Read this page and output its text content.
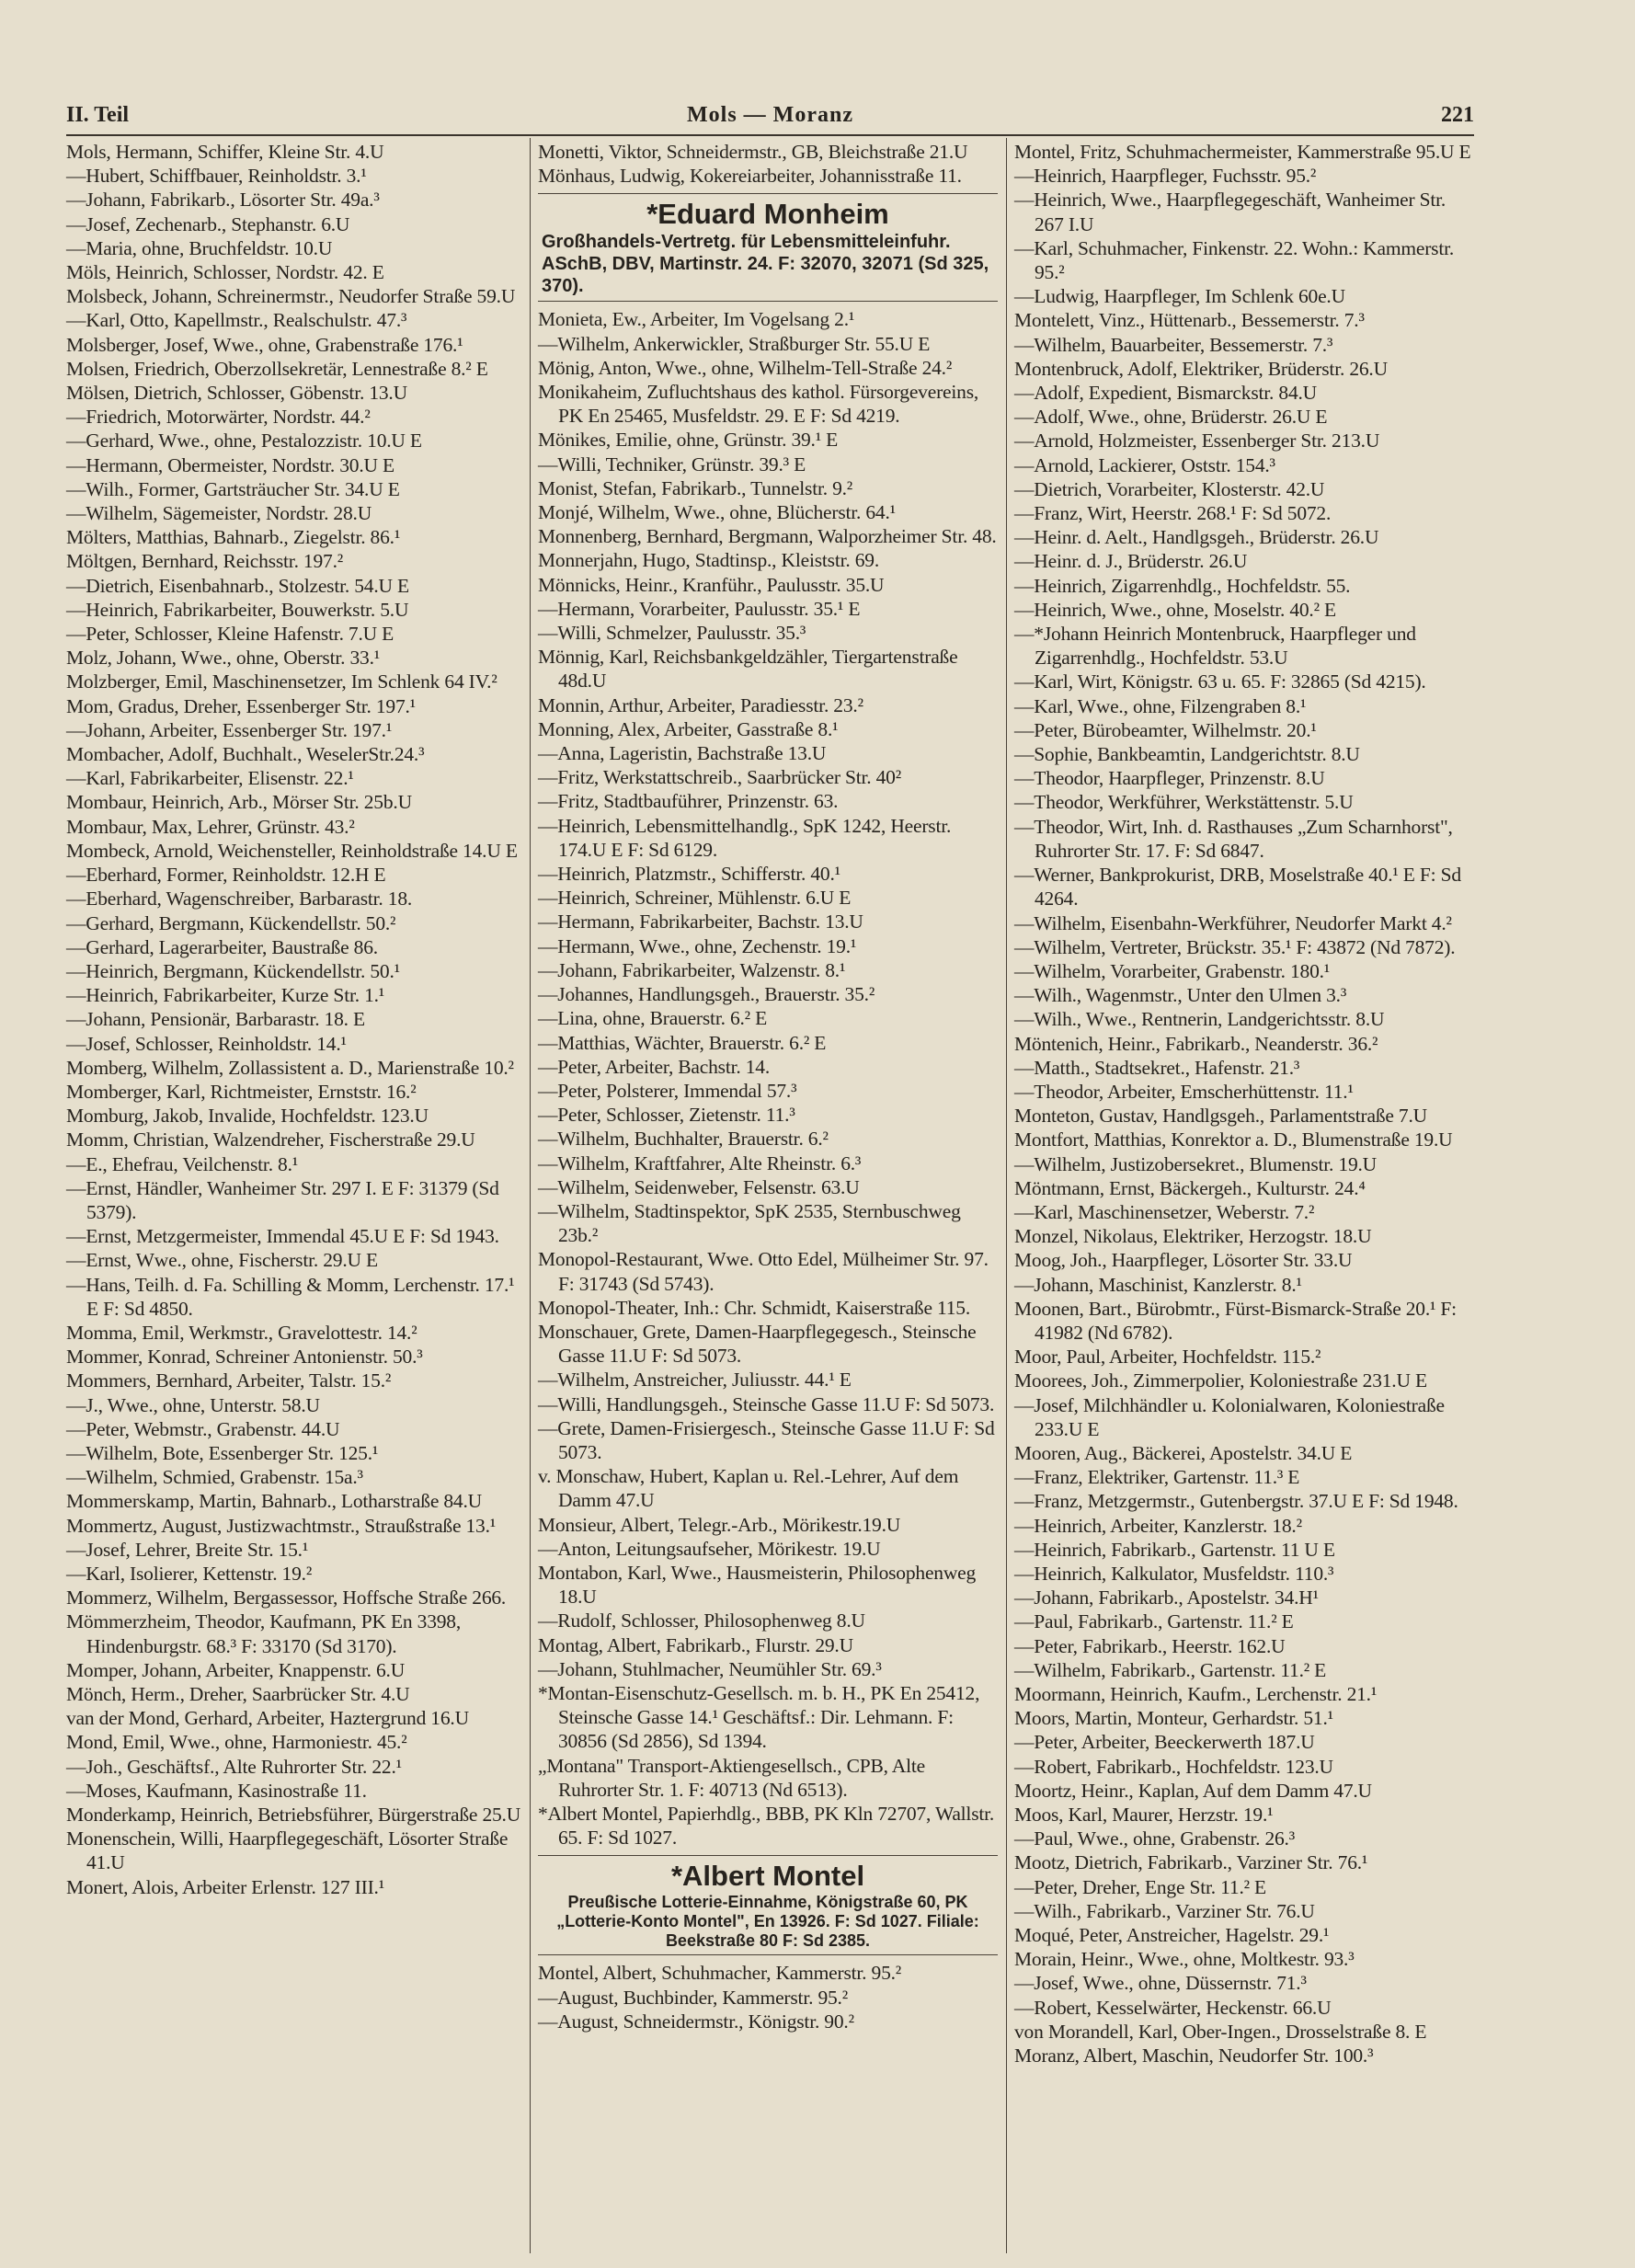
II. Teil	Mols — Moranz	221
Mols, Hermann, Schiffer, Kleine Str. 4.U
—Hubert, Schiffbauer, Reinholdstr. 3.¹
—Johann, Fabrikarb., Lösorter Str. 49a.³
—Josef, Zechenarb., Stephanstr. 6.U
—Maria, ohne, Bruchfeldstr. 10.U
Möls, Heinrich, Schlosser, Nordstr. 42. E
Molsbeck, Johann, Schreinermstr., Neudorfer Straße 59.U
—Karl, Otto, Kapellmstr., Realschulstr. 47.³
Molsberger, Josef, Wwe., ohne, Grabenstraße 176.¹
Molsen, Friedrich, Oberzollsekretär, Lennestraße 8.² E
Mölsen, Dietrich, Schlosser, Göbenstr. 13.U
—Friedrich, Motorwärter, Nordstr. 44.²
—Gerhard, Wwe., ohne, Pestalozzistr. 10.U E
—Hermann, Obermeister, Nordstr. 30.U E
—Wilh., Former, Gartsträucher Str. 34.U E
—Wilhelm, Sägemeister, Nordstr. 28.U
Mölters, Matthias, Bahnarb., Ziegelstr. 86.¹
Möltgen, Bernhard, Reichsstr. 197.²
—Dietrich, Eisenbahnarb., Stolzestr. 54.U E
—Heinrich, Fabrikarbeiter, Bouwerkstr. 5.U
—Peter, Schlosser, Kleine Hafenstr. 7.U E
Molz, Johann, Wwe., ohne, Oberstr. 33.¹
Molzberger, Emil, Maschinensetzer, Im Schlenk 64 IV.²
Mom, Gradus, Dreher, Essenberger Str. 197.¹
—Johann, Arbeiter, Essenberger Str. 197.¹
Mombacher, Adolf, Buchhalt., WeselerStr.24.³
—Karl, Fabrikarbeiter, Elisenstr. 22.¹
Mombaur, Heinrich, Arb., Mörser Str. 25b.U
Mombaur, Max, Lehrer, Grünstr. 43.²
Mombeck, Arnold, Weichensteller, Reinholdstraße 14.U E
—Eberhard, Former, Reinholdstr. 12.H E
—Eberhard, Wagenschreiber, Barbarastr. 18.
—Gerhard, Bergmann, Kückendellstr. 50.²
—Gerhard, Lagerarbeiter, Baustraße 86.
—Heinrich, Bergmann, Kückendellstr. 50.¹
—Heinrich, Fabrikarbeiter, Kurze Str. 1.¹
—Johann, Pensionär, Barbarastr. 18. E
—Josef, Schlosser, Reinholdstr. 14.¹
Momberg, Wilhelm, Zollassistent a. D., Marienstraße 10.²
Momberger, Karl, Richtmeister, Ernststr. 16.²
Momburg, Jakob, Invalide, Hochfeldstr. 123.U
Momm, Christian, Walzendreher, Fischerstraße 29.U
—E., Ehefrau, Veilchenstr. 8.¹
—Ernst, Händler, Wanheimer Str. 297 I. E F: 31379 (Sd 5379).
—Ernst, Metzgermeister, Immendal 45.U E F: Sd 1943.
—Ernst, Wwe., ohne, Fischerstr. 29.U E
—Hans, Teilh. d. Fa. Schilling & Momm, Lerchenstr. 17.¹ E F: Sd 4850.
Momma, Emil, Werkmstr., Gravelottestr. 14.²
Mommer, Konrad, Schreiner Antonienstr. 50.³
Mommers, Bernhard, Arbeiter, Talstr. 15.²
—J., Wwe., ohne, Unterstr. 58.U
—Peter, Webmstr., Grabenstr. 44.U
—Wilhelm, Bote, Essenberger Str. 125.¹
—Wilhelm, Schmied, Grabenstr. 15a.³
Mommerskamp, Martin, Bahnarb., Lotharstraße 84.U
Mommertz, August, Justizwachtmstr., Straußstraße 13.¹
—Josef, Lehrer, Breite Str. 15.¹
—Karl, Isolierer, Kettenstr. 19.²
Mommerz, Wilhelm, Bergassessor, Hoffsche Straße 266.
Mömmerzheim, Theodor, Kaufmann, PK En 3398, Hindenburgstr. 68.³ F: 33170 (Sd 3170).
Momper, Johann, Arbeiter, Knappenstr. 6.U
Mönch, Herm., Dreher, Saarbrücker Str. 4.U
van der Mond, Gerhard, Arbeiter, Haztergrund 16.U
Mond, Emil, Wwe., ohne, Harmoniestr. 45.²
—Joh., Geschäftsf., Alte Ruhrorter Str. 22.¹
—Moses, Kaufmann, Kasinostraße 11.
Monderkamp, Heinrich, Betriebsführer, Bürgerstraße 25.U
Monenschein, Willi, Haarpflegegeschäft, Lösorter Straße 41.U
Monert, Alois, Arbeiter Erlenstr. 127 III.¹
Monetti, Viktor, Schneidermstr., GB, Bleichstraße 21.U
Mönhaus, Ludwig, Kokereiarbeiter, Johannisstraße 11.
*Eduard Monheim
Großhandels-Vertretg. für Lebensmitteleinfuhr. ASchB, DBV, Martinstr. 24. F: 32070, 32071 (Sd 325, 370).
Monieta, Ew., Arbeiter, Im Vogelsang 2.¹
—Wilhelm, Ankerwickler, Straßburger Str. 55.U E
Mönig, Anton, Wwe., ohne, Wilhelm-Tell-Straße 24.²
Monikaheim, Zufluchtshaus des kathol. Fürsorgevereins, PK En 25465, Musfeldstr. 29. E F: Sd 4219.
Mönikes, Emilie, ohne, Grünstr. 39.¹ E
—Willi, Techniker, Grünstr. 39.³ E
Monist, Stefan, Fabrikarb., Tunnelstr. 9.²
Monjé, Wilhelm, Wwe., ohne, Blücherstr. 64.¹
Monnenberg, Bernhard, Bergmann, Walporzheimer Str. 48.
Monnerjahn, Hugo, Stadtinsp., Kleiststr. 69.
Mönnicks, Heinr., Kranführ., Paulusstr. 35.U
—Hermann, Vorarbeiter, Paulusstr. 35.¹ E
—Willi, Schmelzer, Paulusstr. 35.³
Mönnig, Karl, Reichsbankgeldzähler, Tiergartenstraße 48d.U
Monnin, Arthur, Arbeiter, Paradiesstr. 23.²
Monning, Alex, Arbeiter, Gasstraße 8.¹
—Anna, Lageristin, Bachstraße 13.U
—Fritz, Werkstattschreib., Saarbrücker Str. 40²
—Fritz, Stadtbauführer, Prinzenstr. 63.
—Heinrich, Lebensmittelhandlg., SpK 1242, Heerstr. 174.U E F: Sd 6129.
—Heinrich, Platzmstr., Schifferstr. 40.¹
—Heinrich, Schreiner, Mühlenstr. 6.U E
—Hermann, Fabrikarbeiter, Bachstr. 13.U
—Hermann, Wwe., ohne, Zechenstr. 19.¹
—Johann, Fabrikarbeiter, Walzenstr. 8.¹
—Johannes, Handlungsgeh., Brauerstr. 35.²
—Lina, ohne, Brauerstr. 6.² E
—Matthias, Wächter, Brauerstr. 6.² E
—Peter, Arbeiter, Bachstr. 14.
—Peter, Polsterer, Immendal 57.³
—Peter, Schlosser, Zietenstr. 11.³
—Wilhelm, Buchhalter, Brauerstr. 6.²
—Wilhelm, Kraftfahrer, Alte Rheinstr. 6.³
—Wilhelm, Seidenweber, Felsenstr. 63.U
—Wilhelm, Stadtinspektor, SpK 2535, Sternbuschweg 23b.²
Monopol-Restaurant, Wwe. Otto Edel, Mülheimer Str. 97. F: 31743 (Sd 5743).
Monopol-Theater, Inh.: Chr. Schmidt, Kaiserstraße 115.
Monschauer, Grete, Damen-Haarpflegegesch., Steinsche Gasse 11.U F: Sd 5073.
—Wilhelm, Anstreicher, Juliusstr. 44.¹ E
—Willi, Handlungsgeh., Steinsche Gasse 11.U F: Sd 5073.
—Grete, Damen-Frisiergesch., Steinsche Gasse 11.U F: Sd 5073.
v. Monschaw, Hubert, Kaplan u. Rel.-Lehrer, Auf dem Damm 47.U
Monsieur, Albert, Telegr.-Arb., Mörikestr.19.U
—Anton, Leitungsaufseher, Mörikestr. 19.U
Montabon, Karl, Wwe., Hausmeisterin, Philosophenweg 18.U
—Rudolf, Schlosser, Philosophenweg 8.U
Montag, Albert, Fabrikarb., Flurstr. 29.U
—Johann, Stuhlmacher, Neumühler Str. 69.³
*Montan-Eisenschutz-Gesellsch. m. b. H., PK En 25412, Steinsche Gasse 14.¹ Geschäftsf.: Dir. Lehmann. F: 30856 (Sd 2856), Sd 1394.
„Montana" Transport-Aktiengesellsch., CPB, Alte Ruhrorter Str. 1. F: 40713 (Nd 6513).
*Albert Montel, Papierhdlg., BBB, PK Kln 72707, Wallstr. 65. F: Sd 1027.
*Albert Montel
Preußische Lotterie-Einnahme, Königstraße 60, PK „Lotterie-Konto Montel", En 13926. F: Sd 1027. Filiale: Beekstraße 80 F: Sd 2385.
Montel, Albert, Schuhmacher, Kammerstr. 95.²
—August, Buchbinder, Kammerstr. 95.²
—August, Schneidermstr., Königstr. 90.²
Montel, Fritz, Schuhmachermeister, Kammerstraße 95.U E
—Heinrich, Haarpfleger, Fuchsstr. 95.²
—Heinrich, Wwe., Haarpflegegeschäft, Wanheimer Str. 267 I.U
—Karl, Schuhmacher, Finkenstr. 22. Wohn.: Kammerstr. 95.²
—Ludwig, Haarpfleger, Im Schlenk 60e.U
Montelett, Vinz., Hüttenarb., Bessemerstr. 7.³
—Wilhelm, Bauarbeiter, Bessemerstr. 7.³
Montenbruck, Adolf, Elektriker, Brüderstr. 26.U
—Adolf, Expedient, Bismarckstr. 84.U
—Adolf, Wwe., ohne, Brüderstr. 26.U E
—Arnold, Holzmeister, Essenberger Str. 213.U
—Arnold, Lackierer, Oststr. 154.³
—Dietrich, Vorarbeiter, Klosterstr. 42.U
—Franz, Wirt, Heerstr. 268.¹ F: Sd 5072.
—Heinr. d. Aelt., Handlgsgeh., Brüderstr. 26.U
—Heinr. d. J., Brüderstr. 26.U
—Heinrich, Zigarrenhdlg., Hochfeldstr. 55.
—Heinrich, Wwe., ohne, Moselstr. 40.² E
—*Johann Heinrich Montenbruck, Haarpfleger und Zigarrenhdlg., Hochfeldstr. 53.U
—Karl, Wirt, Königstr. 63 u. 65. F: 32865 (Sd 4215).
—Karl, Wwe., ohne, Filzengraben 8.¹
—Peter, Bürobeamter, Wilhelmstr. 20.¹
—Sophie, Bankbeamtin, Landgerichtstr. 8.U
—Theodor, Haarpfleger, Prinzenstr. 8.U
—Theodor, Werkführer, Werkstättenstr. 5.U
—Theodor, Wirt, Inh. d. Rasthauses „Zum Scharnhorst", Ruhrorter Str. 17. F: Sd 6847.
—Werner, Bankprokurist, DRB, Moselstraße 40.¹ E F: Sd 4264.
—Wilhelm, Eisenbahn-Werkführer, Neudorfer Markt 4.²
—Wilhelm, Vertreter, Brückstr. 35.¹ F: 43872 (Nd 7872).
—Wilhelm, Vorarbeiter, Grabenstr. 180.¹
—Wilh., Wagenmstr., Unter den Ulmen 3.³
—Wilh., Wwe., Rentnerin, Landgerichtsstr. 8.U
Möntenich, Heinr., Fabrikarb., Neanderstr. 36.²
—Matth., Stadtsekret., Hafenstr. 21.³
—Theodor, Arbeiter, Emscherhüttenstr. 11.¹
Monteton, Gustav, Handlgsgeh., Parlamentstraße 7.U
Montfort, Matthias, Konrektor a. D., Blumenstraße 19.U
—Wilhelm, Justizobersekret., Blumenstr. 19.U
Möntmann, Ernst, Bäckergeh., Kulturstr. 24.⁴
—Karl, Maschinensetzer, Weberstr. 7.²
Monzel, Nikolaus, Elektriker, Herzogstr. 18.U
Moog, Joh., Haarpfleger, Lösorter Str. 33.U
—Johann, Maschinist, Kanzlerstr. 8.¹
Moonen, Bart., Bürobmtr., Fürst-Bismarck-Straße 20.¹ F: 41982 (Nd 6782).
Moor, Paul, Arbeiter, Hochfeldstr. 115.²
Moorees, Joh., Zimmerpolier, Koloniestraße 231.U E
—Josef, Milchhändler u. Kolonialwaren, Koloniestraße 233.U E
Mooren, Aug., Bäckerei, Apostelstr. 34.U E
—Franz, Elektriker, Gartenstr. 11.³ E
—Franz, Metzgermstr., Gutenbergstr. 37.U E F: Sd 1948.
—Heinrich, Arbeiter, Kanzlerstr. 18.²
—Heinrich, Fabrikarb., Gartenstr. 11 U E
—Heinrich, Kalkulator, Musfeldstr. 110.³
—Johann, Fabrikarb., Apostelstr. 34.H¹
—Paul, Fabrikarb., Gartenstr. 11.² E
—Peter, Fabrikarb., Heerstr. 162.U
—Wilhelm, Fabrikarb., Gartenstr. 11.² E
Moormann, Heinrich, Kaufm., Lerchenstr. 21.¹
Moors, Martin, Monteur, Gerhardstr. 51.¹
—Peter, Arbeiter, Beeckerwerth 187.U
—Robert, Fabrikarb., Hochfeldstr. 123.U
Moortz, Heinr., Kaplan, Auf dem Damm 47.U
Moos, Karl, Maurer, Herzstr. 19.¹
—Paul, Wwe., ohne, Grabenstr. 26.³
Mootz, Dietrich, Fabrikarb., Varziner Str. 76.¹
—Peter, Dreher, Enge Str. 11.² E
—Wilh., Fabrikarb., Varziner Str. 76.U
Moqué, Peter, Anstreicher, Hagelstr. 29.¹
Morain, Heinr., Wwe., ohne, Moltkestr. 93.³
—Josef, Wwe., ohne, Düssernstr. 71.³
—Robert, Kesselwärter, Heckenstr. 66.U
von Morandell, Karl, Ober-Ingen., Drosselstraße 8. E
Moranz, Albert, Maschin, Neudorfer Str. 100.³
